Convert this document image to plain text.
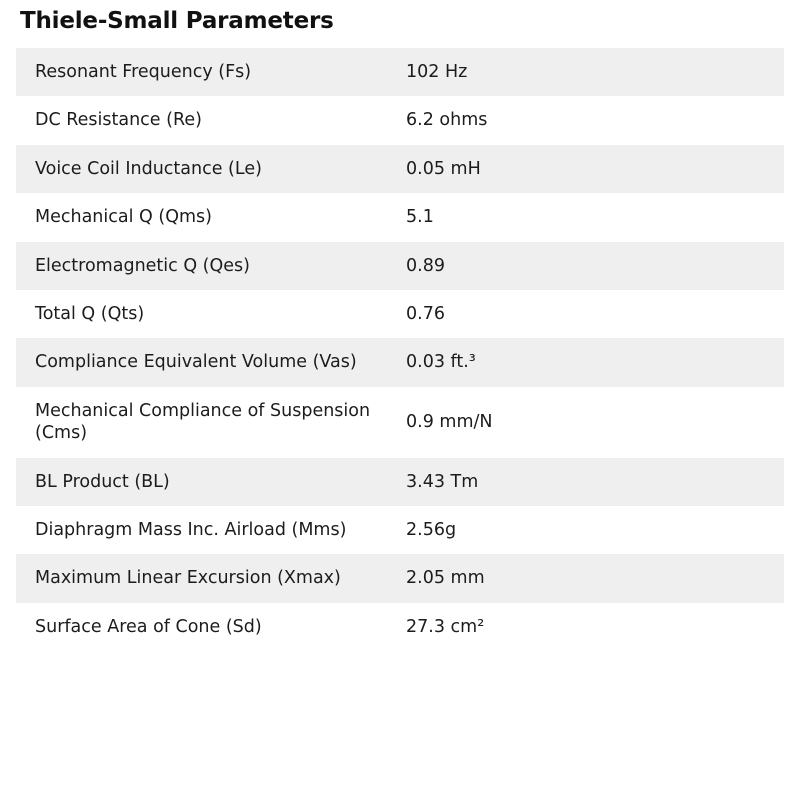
Thiele-Small Parameters
Resonant Frequency (Fs)	102 Hz
DC Resistance (Re)	6.2 ohms
Voice Coil Inductance (Le)	0.05 mH
Mechanical Q (Qms)	5.1
Electromagnetic Q (Qes)	0.89
Total Q (Qts)	0.76
Compliance Equivalent Volume (Vas)	0.03 ft.³
Mechanical Compliance of Suspension (Cms)	0.9 mm/N
BL Product (BL)	3.43 Tm
Diaphragm Mass Inc. Airload (Mms)	2.56g
Maximum Linear Excursion (Xmax)	2.05 mm
Surface Area of Cone (Sd)	27.3 cm²
